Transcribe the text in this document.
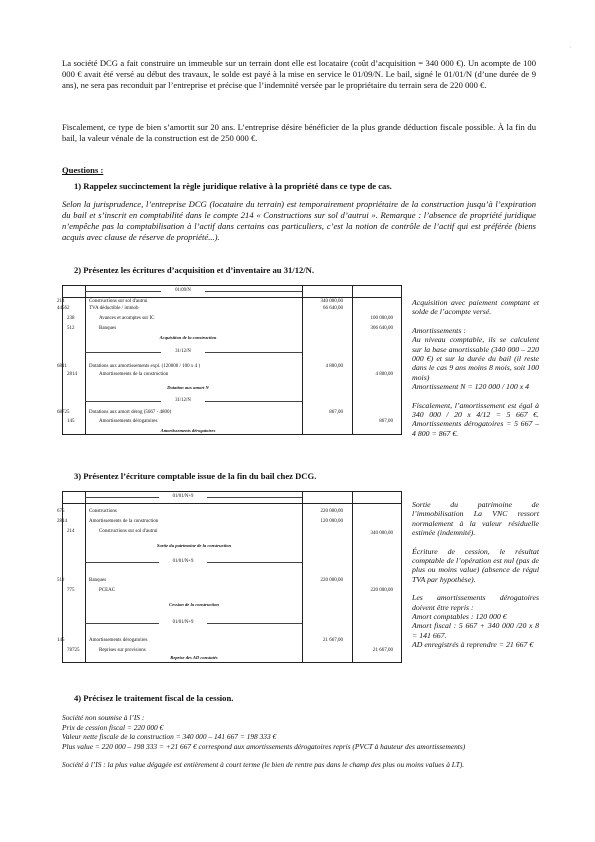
.
La société DCG a fait construire un immeuble sur un terrain dont elle est locataire (coût d’acquisition = 340 000 €). Un acompte de 100 000 € avait été versé au début des travaux, le solde est payé à la mise en service le 01/09/N. Le bail, signé le 01/01/N (d’une durée de 9 ans), ne sera pas reconduit par l’entreprise et précise que l’indemnité versée par le propriétaire du terrain sera de 220 000 €.
Fiscalement, ce type de bien s’amortit sur 20 ans. L’entreprise désire bénéficier de la plus grande déduction fiscale possible. À la fin du bail, la valeur vénale de la construction est de 250 000 €.
Questions :
1) Rappelez succinctement la règle juridique relative à la propriété dans ce type de cas.
Selon la jurisprudence, l’entreprise DCG (locataire du terrain) est temporairement propriétaire de la construction jusqu’à l’expiration du bail et s’inscrit en comptabilité dans le compte 214 « Constructions sur sol d’autrui ». Remarque : l’absence de propriété juridique n’empêche pas la comptabilisation à l’actif dans certains cas particuliers, c’est la notion de contrôle de l’actif qui est préférée (biens acquis avec clause de réserve de propriété...).
2) Présentez les écritures d’acquisition et d’inventaire au 31/12/N.
01/09/N
214	Constructions sur sol d'autrui	340 000,00
44562	TVA déductible / immob	66 640,00
238	Avances et acomptes sur IC	100 000,00
512	Banques	306 640,00
Acquisition de la construction
31/12/N
6811	Dotations aux amortissements expl. (120000 / 100 x 4 )	4 800,00
2814	Amortissements de la construction	4 800,00
Dotation aux amort N
31/12/N
68725	Dotations aux amort dérog (5667 - 4800)	867,00
145	Amortissements dérogatoires	867,00
Amortissements dérogatoires
Acquisition avec paiement comptant et solde de l’acompte versé.
Amortissements :
Au niveau comptable, ils se calculent sur la base amortissable (340 000 – 220 000 €) et sur la durée du bail (il reste dans le cas 9 ans moins 8 mois, soit 100 mois)
Amortissement N = 120 000 / 100 x 4
Fiscalement, l’amortissement est égal à 340 000 / 20 x 4/12 = 5 667 €. Amortissements dérogatoires = 5 667 – 4 800 = 867 €.
3) Présentez l’écriture comptable issue de la fin du bail chez DCG.
01/01/N+9
675	Constructions	220 000,00
2814	Amortissements de la construction	120 000,00
214	Constructions sur sol d'autrui	340 000,00
Sortie du patrimoine de la construction
01/01/N+9
512	Banques	220 000,00
775	PCEAC	220 000,00
Cession de la construction
01/01/N+9
145	Amortissements dérogatoires	21 667,00
78725	Reprises sur provisions	21 667,00
Reprise des AD constatés
Sortie du patrimoine de l’immobilisation La VNC ressort normalement à la valeur résiduelle estimée (indemnité).
Écriture de cession, le résultat comptable de l’opération est nul (pas de plus ou moins value) (absence de régul TVA par hypothèse).
Les amortissements dérogatoires doivent être repris :
Amort comptables : 120 000 €
Amort fiscal : 5 667 + 340 000 /20 x 8 = 141 667.
AD enregistrés à reprendre = 21 667 €
4) Précisez le traitement fiscal de la cession.
Société non soumise à l’IS :
Prix de cession fiscal = 220 000 €
Valeur nette fiscale de la construction = 340 000 – 141 667 = 198 333 €
Plus value = 220 000 – 198 333 = +21 667 € correspond aux amortissements dérogatoires repris (PVCT à hauteur des amortissements)
Société à l’IS : la plus value dégagée est entièrement à court terme (le bien de rentre pas dans le champ des plus ou moins values à LT).
